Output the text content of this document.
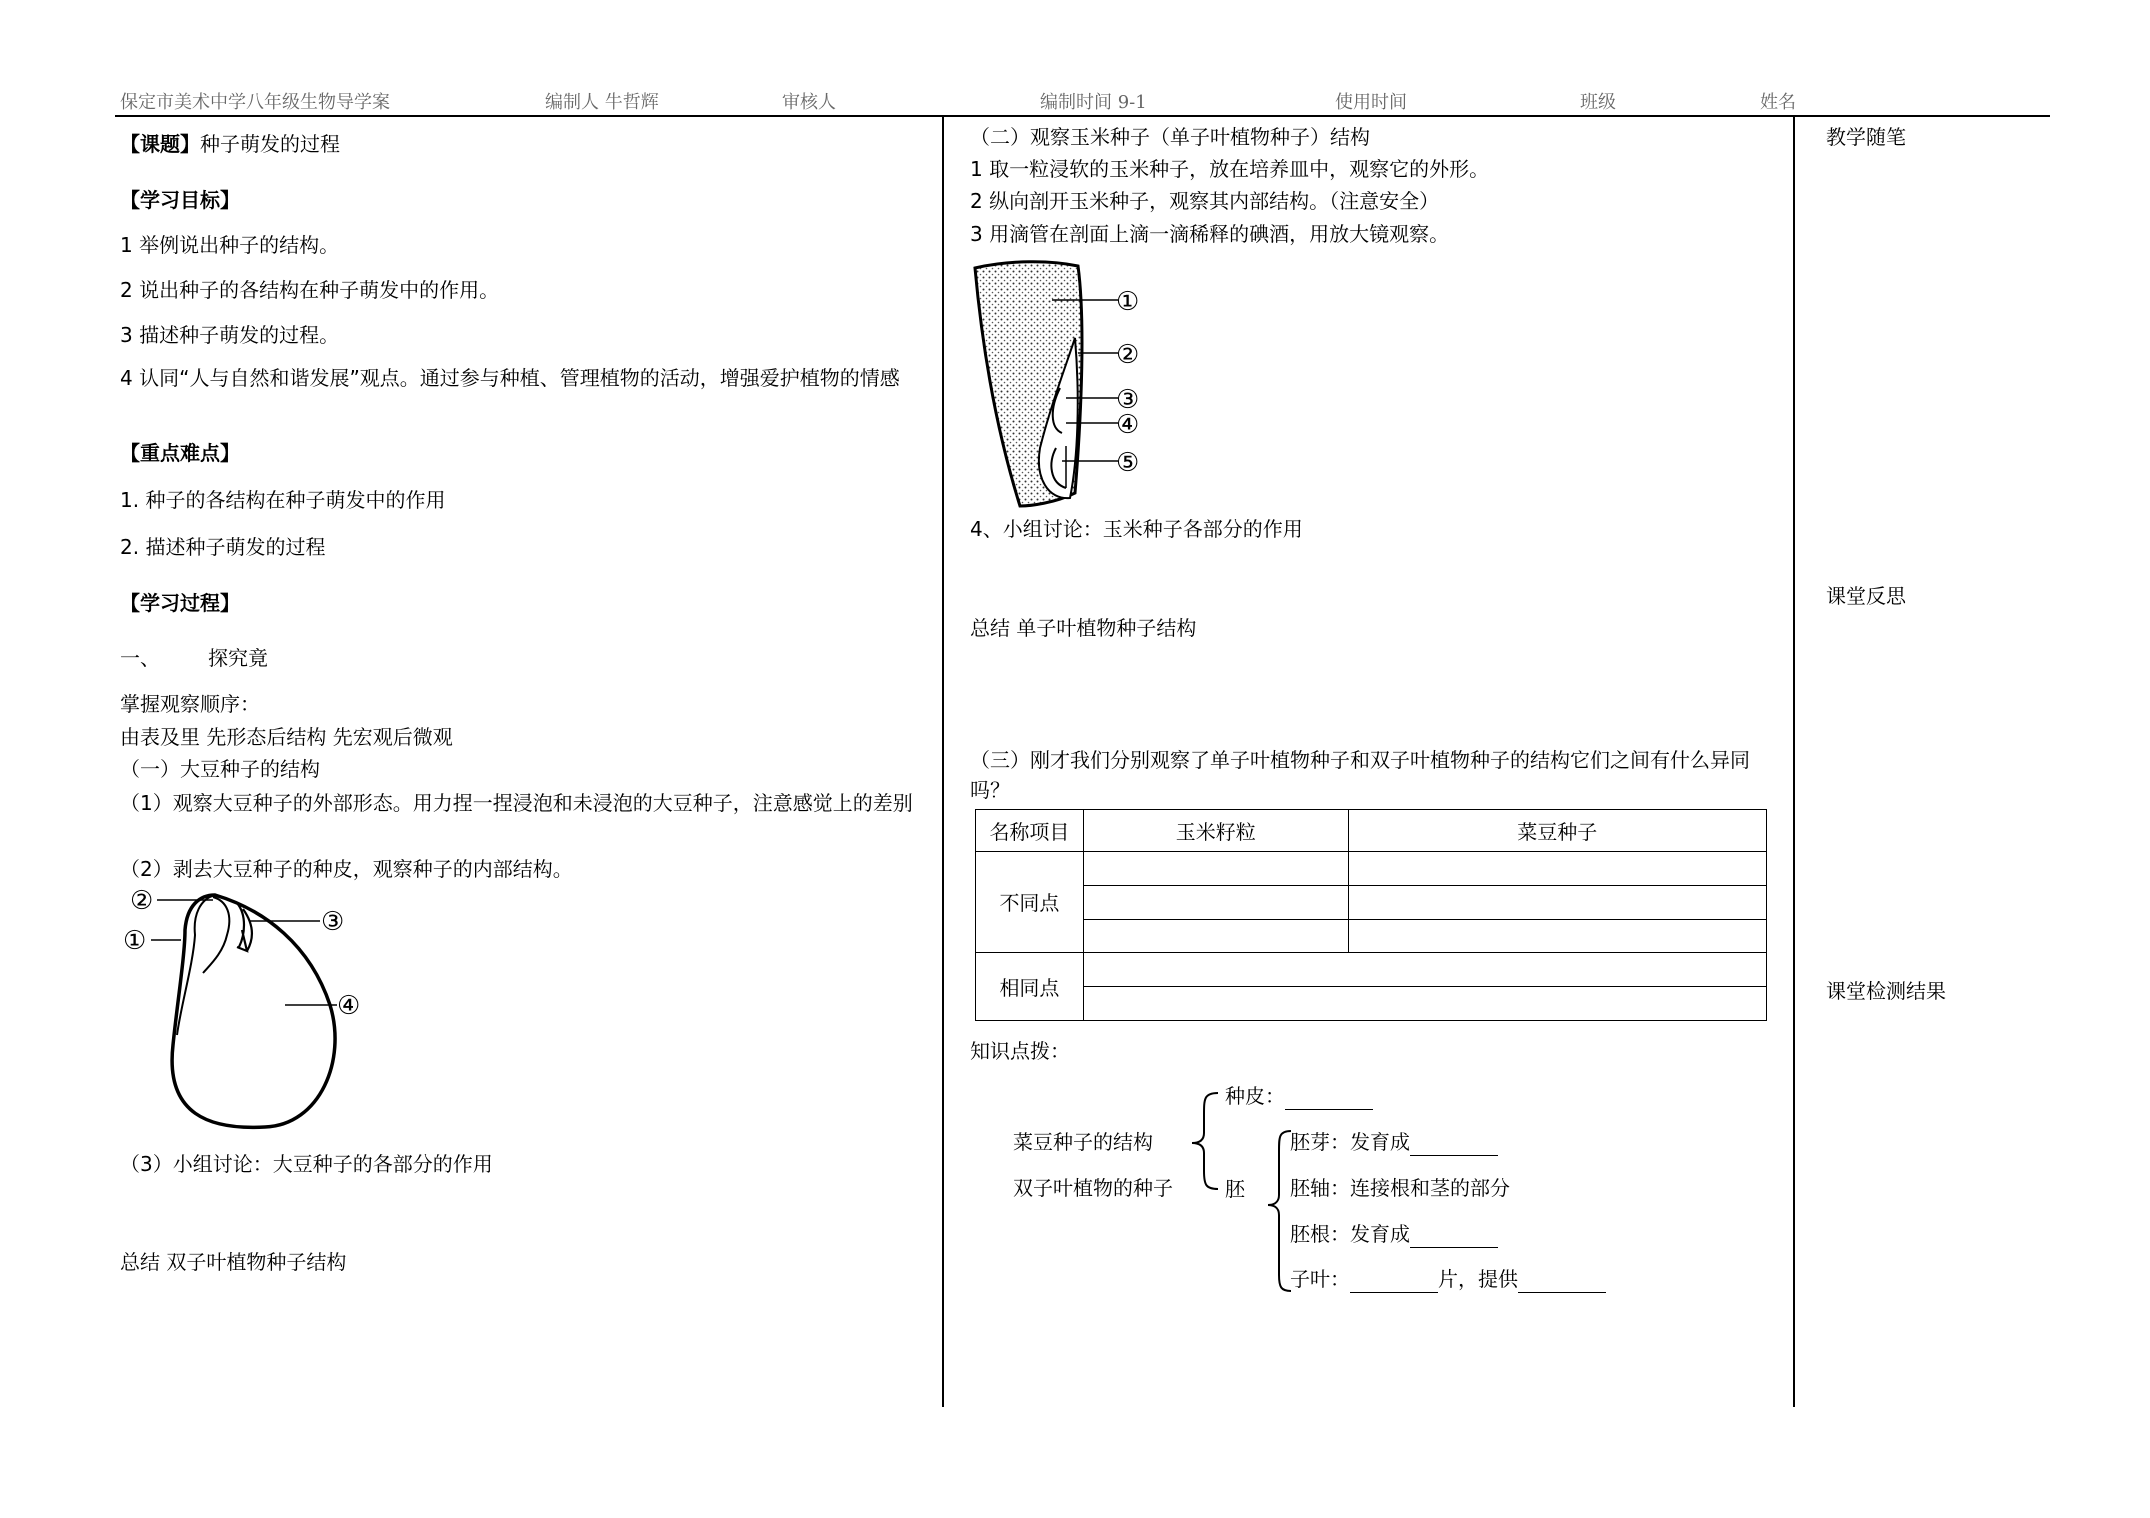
保定市美术中学八年级生物导学案	编制人 牛哲辉	审核人	编制时间 9-1	使用时间	班级	姓名
【课题】种子萌发的过程
【学习目标】
1 举例说出种子的结构。
2 说出种子的各结构在种子萌发中的作用。
3 描述种子萌发的过程。
4 认同“人与自然和谐发展”观点。通过参与种植、管理植物的活动，增强爱护植物的情感
【重点难点】
1. 种子的各结构在种子萌发中的作用
2. 描述种子萌发的过程
【学习过程】
一、 探究竟
掌握观察顺序：
由表及里 先形态后结构 先宏观后微观
（一）大豆种子的结构
（1）观察大豆种子的外部形态。用力捏一捏浸泡和未浸泡的大豆种子，注意感觉上的差别
（2）剥去大豆种子的种皮，观察种子的内部结构。
②
①
③
④
（3）小组讨论：大豆种子的各部分的作用
总结 双子叶植物种子结构
（二）观察玉米种子（单子叶植物种子）结构
1 取一粒浸软的玉米种子，放在培养皿中，观察它的外形。
2 纵向剖开玉米种子，观察其内部结构。（注意安全）
3 用滴管在剖面上滴一滴稀释的碘酒，用放大镜观察。
①
②
③
④
⑤
4、小组讨论：玉米种子各部分的作用
总结 单子叶植物种子结构
（三）刚才我们分别观察了单子叶植物种子和双子叶植物种子的结构它们之间有什么异同吗？
名称项目	玉米籽粒	菜豆种子
不同点		

相同点		

知识点拨：
菜豆种子的结构
双子叶植物的种子
种皮：
胚
胚芽：发育成
胚轴：连接根和茎的部分
胚根：发育成
子叶：	片，提供
教学随笔
课堂反思
课堂检测结果
